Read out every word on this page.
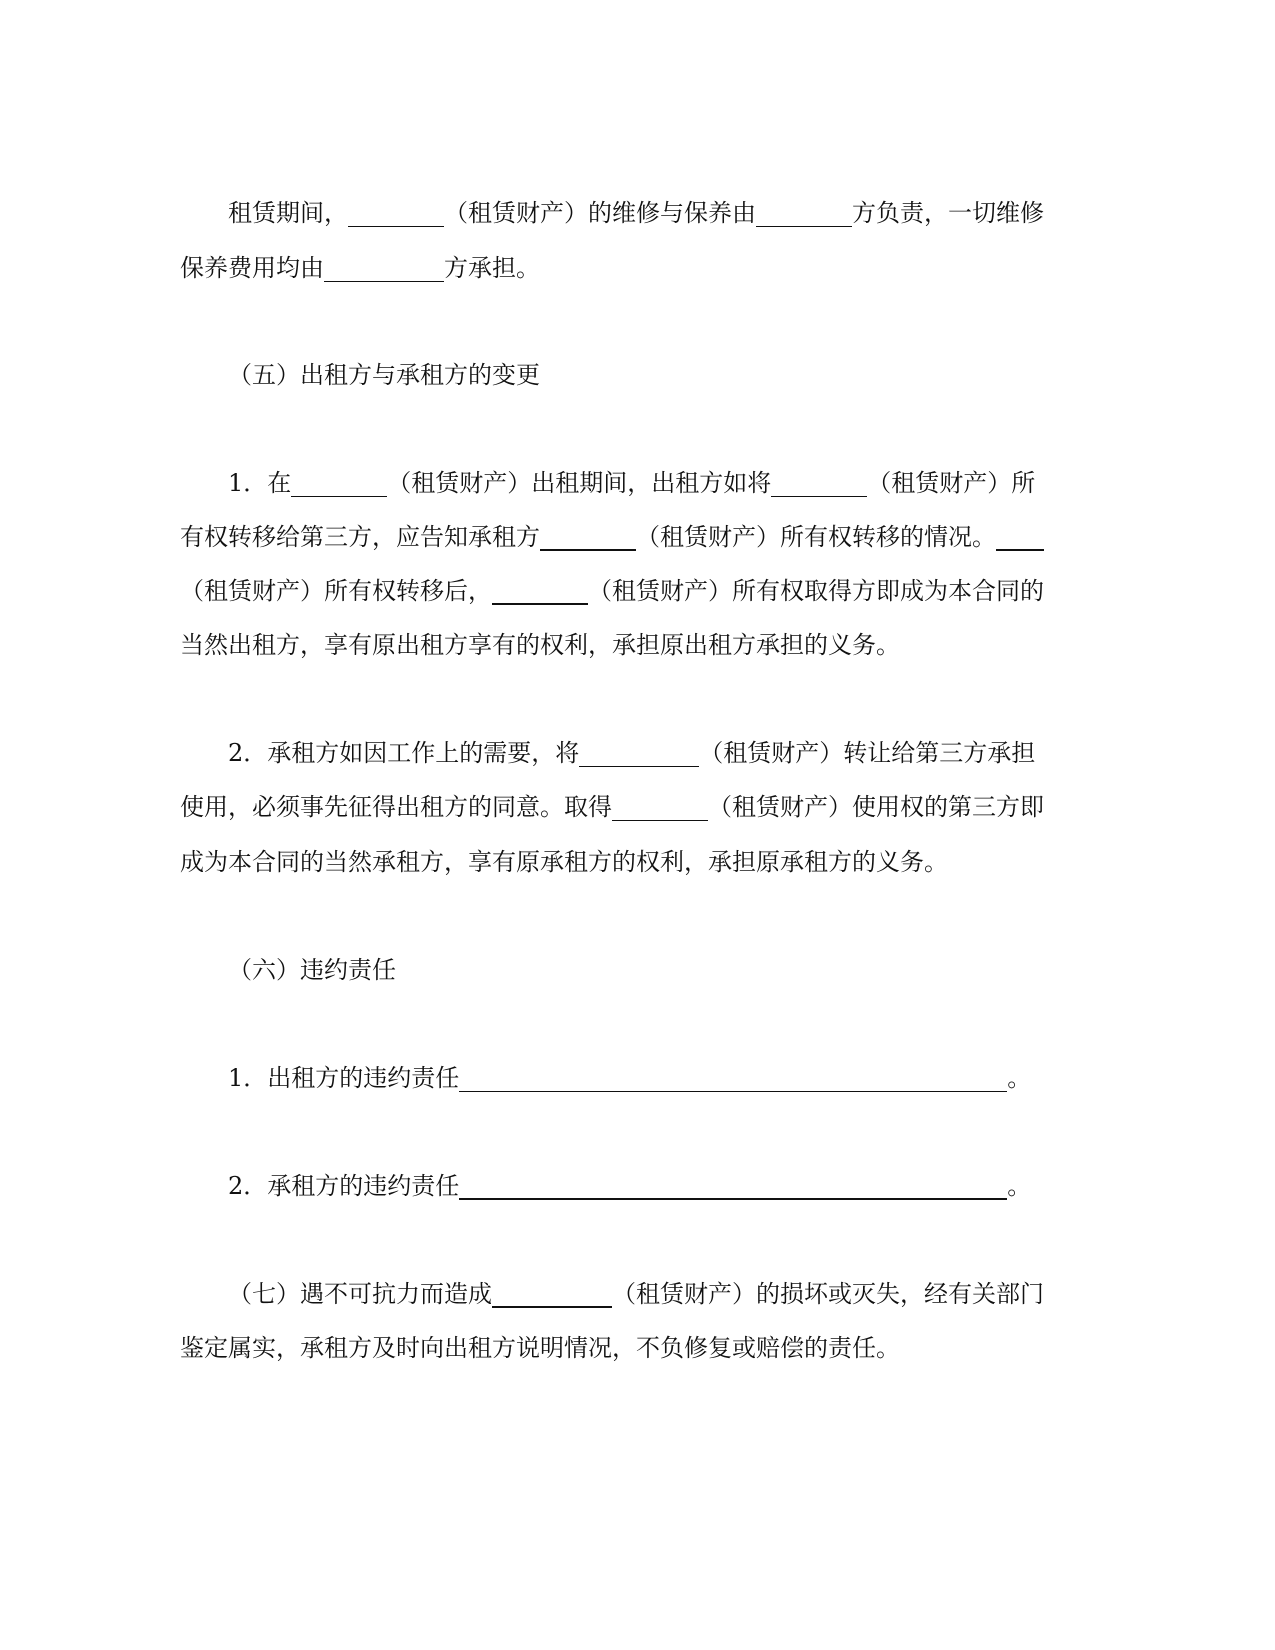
租赁期间，	（租赁财产）的维修与保养由	方负责，一切维修
保养费用均由	方承担。
（五）出租方与承租方的变更
1．在	（租赁财产）出租期间，出租方如将	（租赁财产）所
有权转移给第三方，应告知承租方	（租赁财产）所有权转移的情况。
（租赁财产）所有权转移后，	（租赁财产）所有权取得方即成为本合同的
当然出租方，享有原出租方享有的权利，承担原出租方承担的义务。
2．承租方如因工作上的需要，将	（租赁财产）转让给第三方承担
使用，必须事先征得出租方的同意。取得	（租赁财产）使用权的第三方即
成为本合同的当然承租方，享有原承租方的权利，承担原承租方的义务。
（六）违约责任
1．出租方的违约责任	。
2．承租方的违约责任	。
（七）遇不可抗力而造成	（租赁财产）的损坏或灭失，经有关部门
鉴定属实，承租方及时向出租方说明情况，不负修复或赔偿的责任。
